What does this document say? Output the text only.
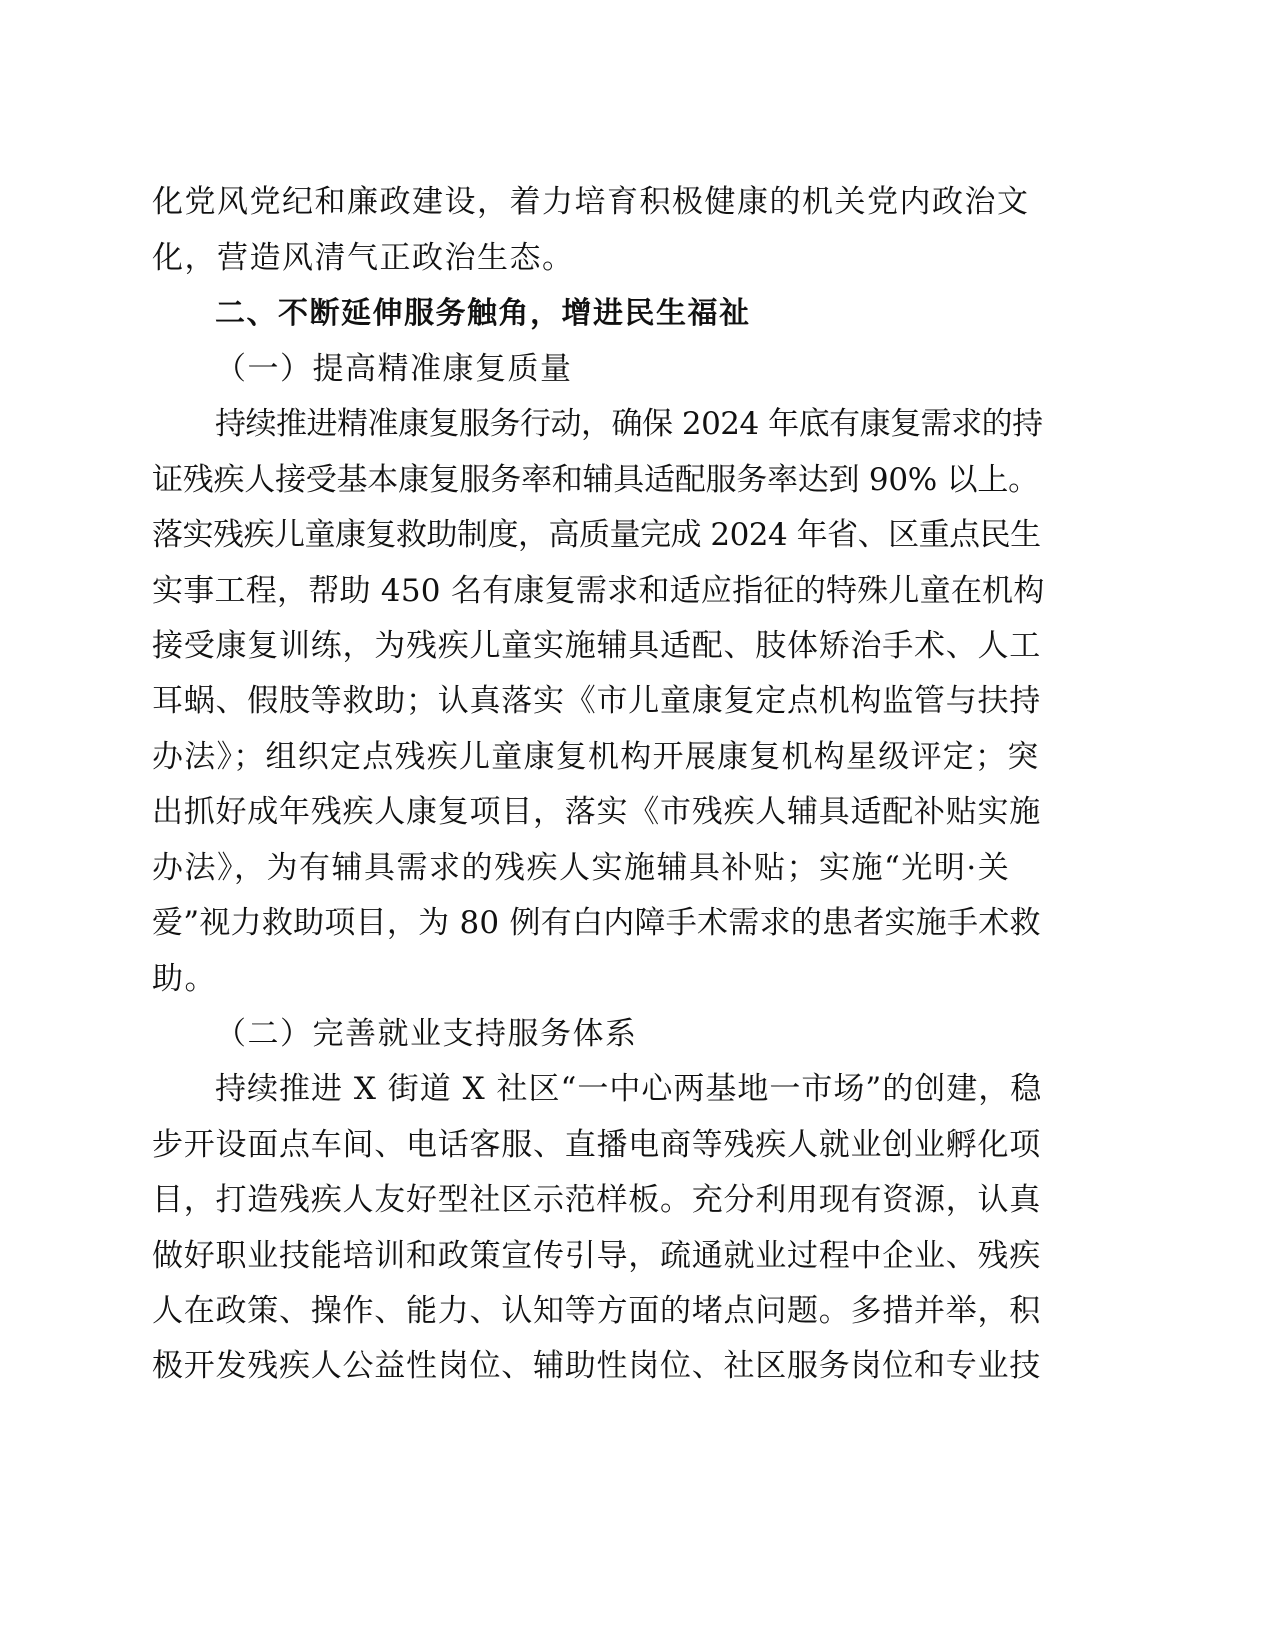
化党风党纪和廉政建设，着力培育积极健康的机关党内政治文

化，营造风清气正政治生态。

二、不断延伸服务触角，增进民生福祉

（一）提高精准康复质量

持续推进精准康复服务行动，确保 2024 年底有康复需求的持

证残疾人接受基本康复服务率和辅具适配服务率达到 90% 以上。

落实残疾儿童康复救助制度，高质量完成 2024 年省、区重点民生

实事工程，帮助 450 名有康复需求和适应指征的特殊儿童在机构

接受康复训练，为残疾儿童实施辅具适配、肢体矫治手术、人工

耳蜗、假肢等救助；认真落实《市儿童康复定点机构监管与扶持

办法》；组织定点残疾儿童康复机构开展康复机构星级评定；突

出抓好成年残疾人康复项目，落实《市残疾人辅具适配补贴实施

办法》，为有辅具需求的残疾人实施辅具补贴；实施“光明·关

爱”视力救助项目，为 80 例有白内障手术需求的患者实施手术救

助。

（二）完善就业支持服务体系

持续推进 X 街道 X 社区“一中心两基地一市场”的创建，稳

步开设面点车间、电话客服、直播电商等残疾人就业创业孵化项

目，打造残疾人友好型社区示范样板。充分利用现有资源，认真

做好职业技能培训和政策宣传引导，疏通就业过程中企业、残疾

人在政策、操作、能力、认知等方面的堵点问题。多措并举，积

极开发残疾人公益性岗位、辅助性岗位、社区服务岗位和专业技
